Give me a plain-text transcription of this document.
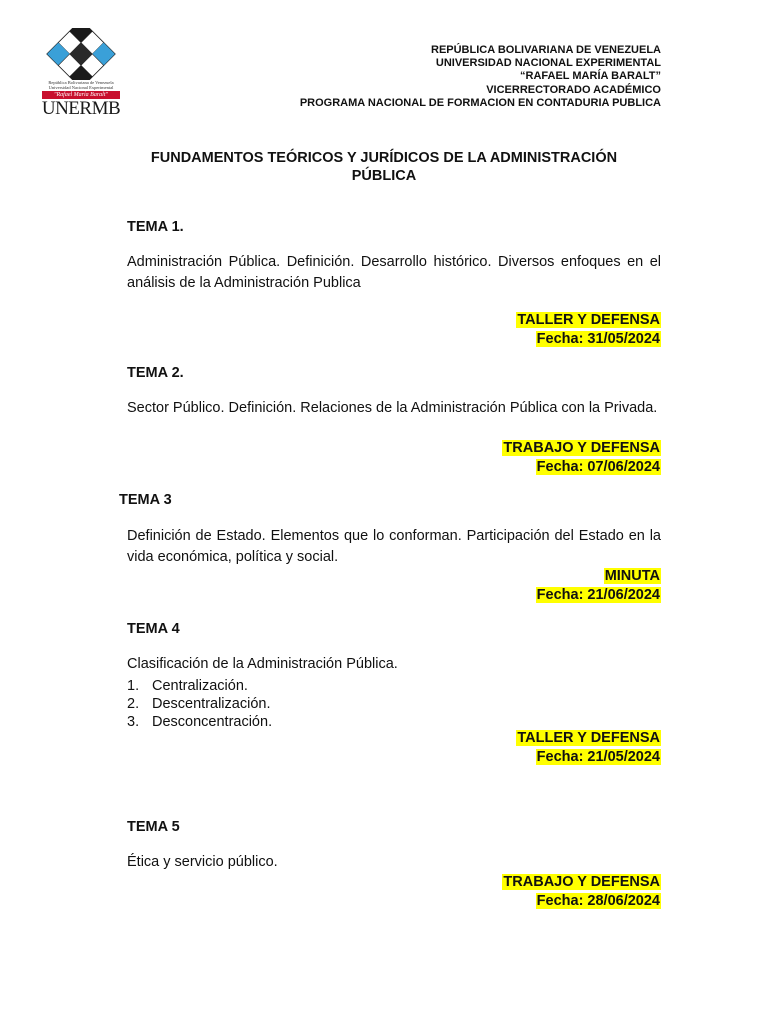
República Bolivariana de Venezuela
Universidad Nacional Experimental
"Rafael María Baralt"
UNERMB
REPÚBLICA BOLIVARIANA DE VENEZUELA
UNIVERSIDAD NACIONAL EXPERIMENTAL
“RAFAEL MARÍA BARALT”
VICERRECTORADO ACADÉMICO
PROGRAMA NACIONAL DE FORMACION EN CONTADURIA PUBLICA
FUNDAMENTOS TEÓRICOS Y JURÍDICOS DE LA ADMINISTRACIÓN
PÚBLICA
TEMA 1.
Administración Pública. Definición. Desarrollo histórico. Diversos enfoques en el análisis de la Administración Publica
TALLER Y DEFENSA
Fecha: 31/05/2024
TEMA 2.
Sector Público. Definición. Relaciones de la Administración Pública con la Privada.
TRABAJO Y DEFENSA
Fecha: 07/06/2024
TEMA 3
Definición de Estado. Elementos que lo conforman. Participación del Estado en la vida económica, política y social.
MINUTA
Fecha: 21/06/2024
TEMA 4
Clasificación de la Administración Pública.
1. Centralización.
2. Descentralización.
3. Desconcentración.
TALLER Y DEFENSA
Fecha: 21/05/2024
TEMA 5
Ética y servicio público.
TRABAJO Y DEFENSA
Fecha: 28/06/2024
